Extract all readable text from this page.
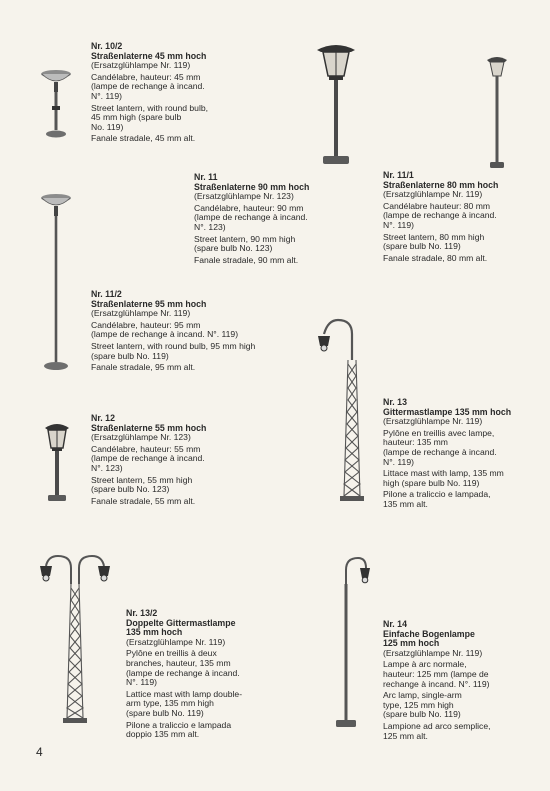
Nr. 10/2
Straßenlaterne 45 mm hoch
(Ersatzglühlampe Nr. 119)
Candélabre, hauteur: 45 mm
(lampe de rechange à incand.
N°. 119)
Street lantern, with round bulb,
45 mm high (spare bulb
No. 119)
Fanale stradale, 45 mm alt.
Nr. 11
Straßenlaterne 90 mm hoch
(Ersatzglühlampe Nr. 123)
Candélabre, hauteur: 90 mm
(lampe de rechange à incand.
N°. 123)
Street lantern, 90 mm high
(spare bulb No. 123)
Fanale stradale, 90 mm alt.
Nr. 11/1
Straßenlaterne 80 mm hoch
(Ersatzglühlampe Nr. 119)
Candélabre hauteur: 80 mm
(lampe de rechange à incand.
N°. 119)
Street lantern, 80 mm high
(spare bulb No. 119)
Fanale stradale, 80 mm alt.
Nr. 11/2
Straßenlaterne 95 mm hoch
(Ersatzglühlampe Nr. 119)
Candélabre, hauteur: 95 mm
(lampe de rechange à incand. N°. 119)
Street lantern, with round bulb, 95 mm high
(spare bulb No. 119)
Fanale stradale, 95 mm alt.
Nr. 13
Gittermastlampe 135 mm hoch
(Ersatzglühlampe Nr. 119)
Pylône en treillis avec lampe,
hauteur: 135 mm
(lampe de rechange à incand.
N°. 119)
Littace mast with lamp, 135 mm
high (spare bulb No. 119)
Pilone a traliccio e lampada,
135 mm alt.
Nr. 12
Straßenlaterne 55 mm hoch
(Ersatzglühlampe Nr. 123)
Candélabre, hauteur: 55 mm
(lampe de rechange à incand.
N°. 123)
Street lantern, 55 mm high
(spare bulb No. 123)
Fanale stradale, 55 mm alt.
Nr. 13/2
Doppelte Gittermastlampe
135 mm hoch
(Ersatzglühlampe Nr. 119)
Pylône en treillis à deux
branches, hauteur, 135 mm
(lampe de rechange à incand.
N°. 119)
Lattice mast with lamp double-
arm type, 135 mm high
(spare bulb No. 119)
Pilone a traliccio e lampada
doppio 135 mm alt.
Nr. 14
Einfache Bogenlampe
125 mm hoch
(Ersatzglühlampe Nr. 119)
Lampe à arc normale,
hauteur: 125 mm (lampe de
rechange à incand. N°. 119)
Arc lamp, single-arm
type, 125 mm high
(spare bulb No. 119)
Lampione ad arco semplice,
125 mm alt.
4
